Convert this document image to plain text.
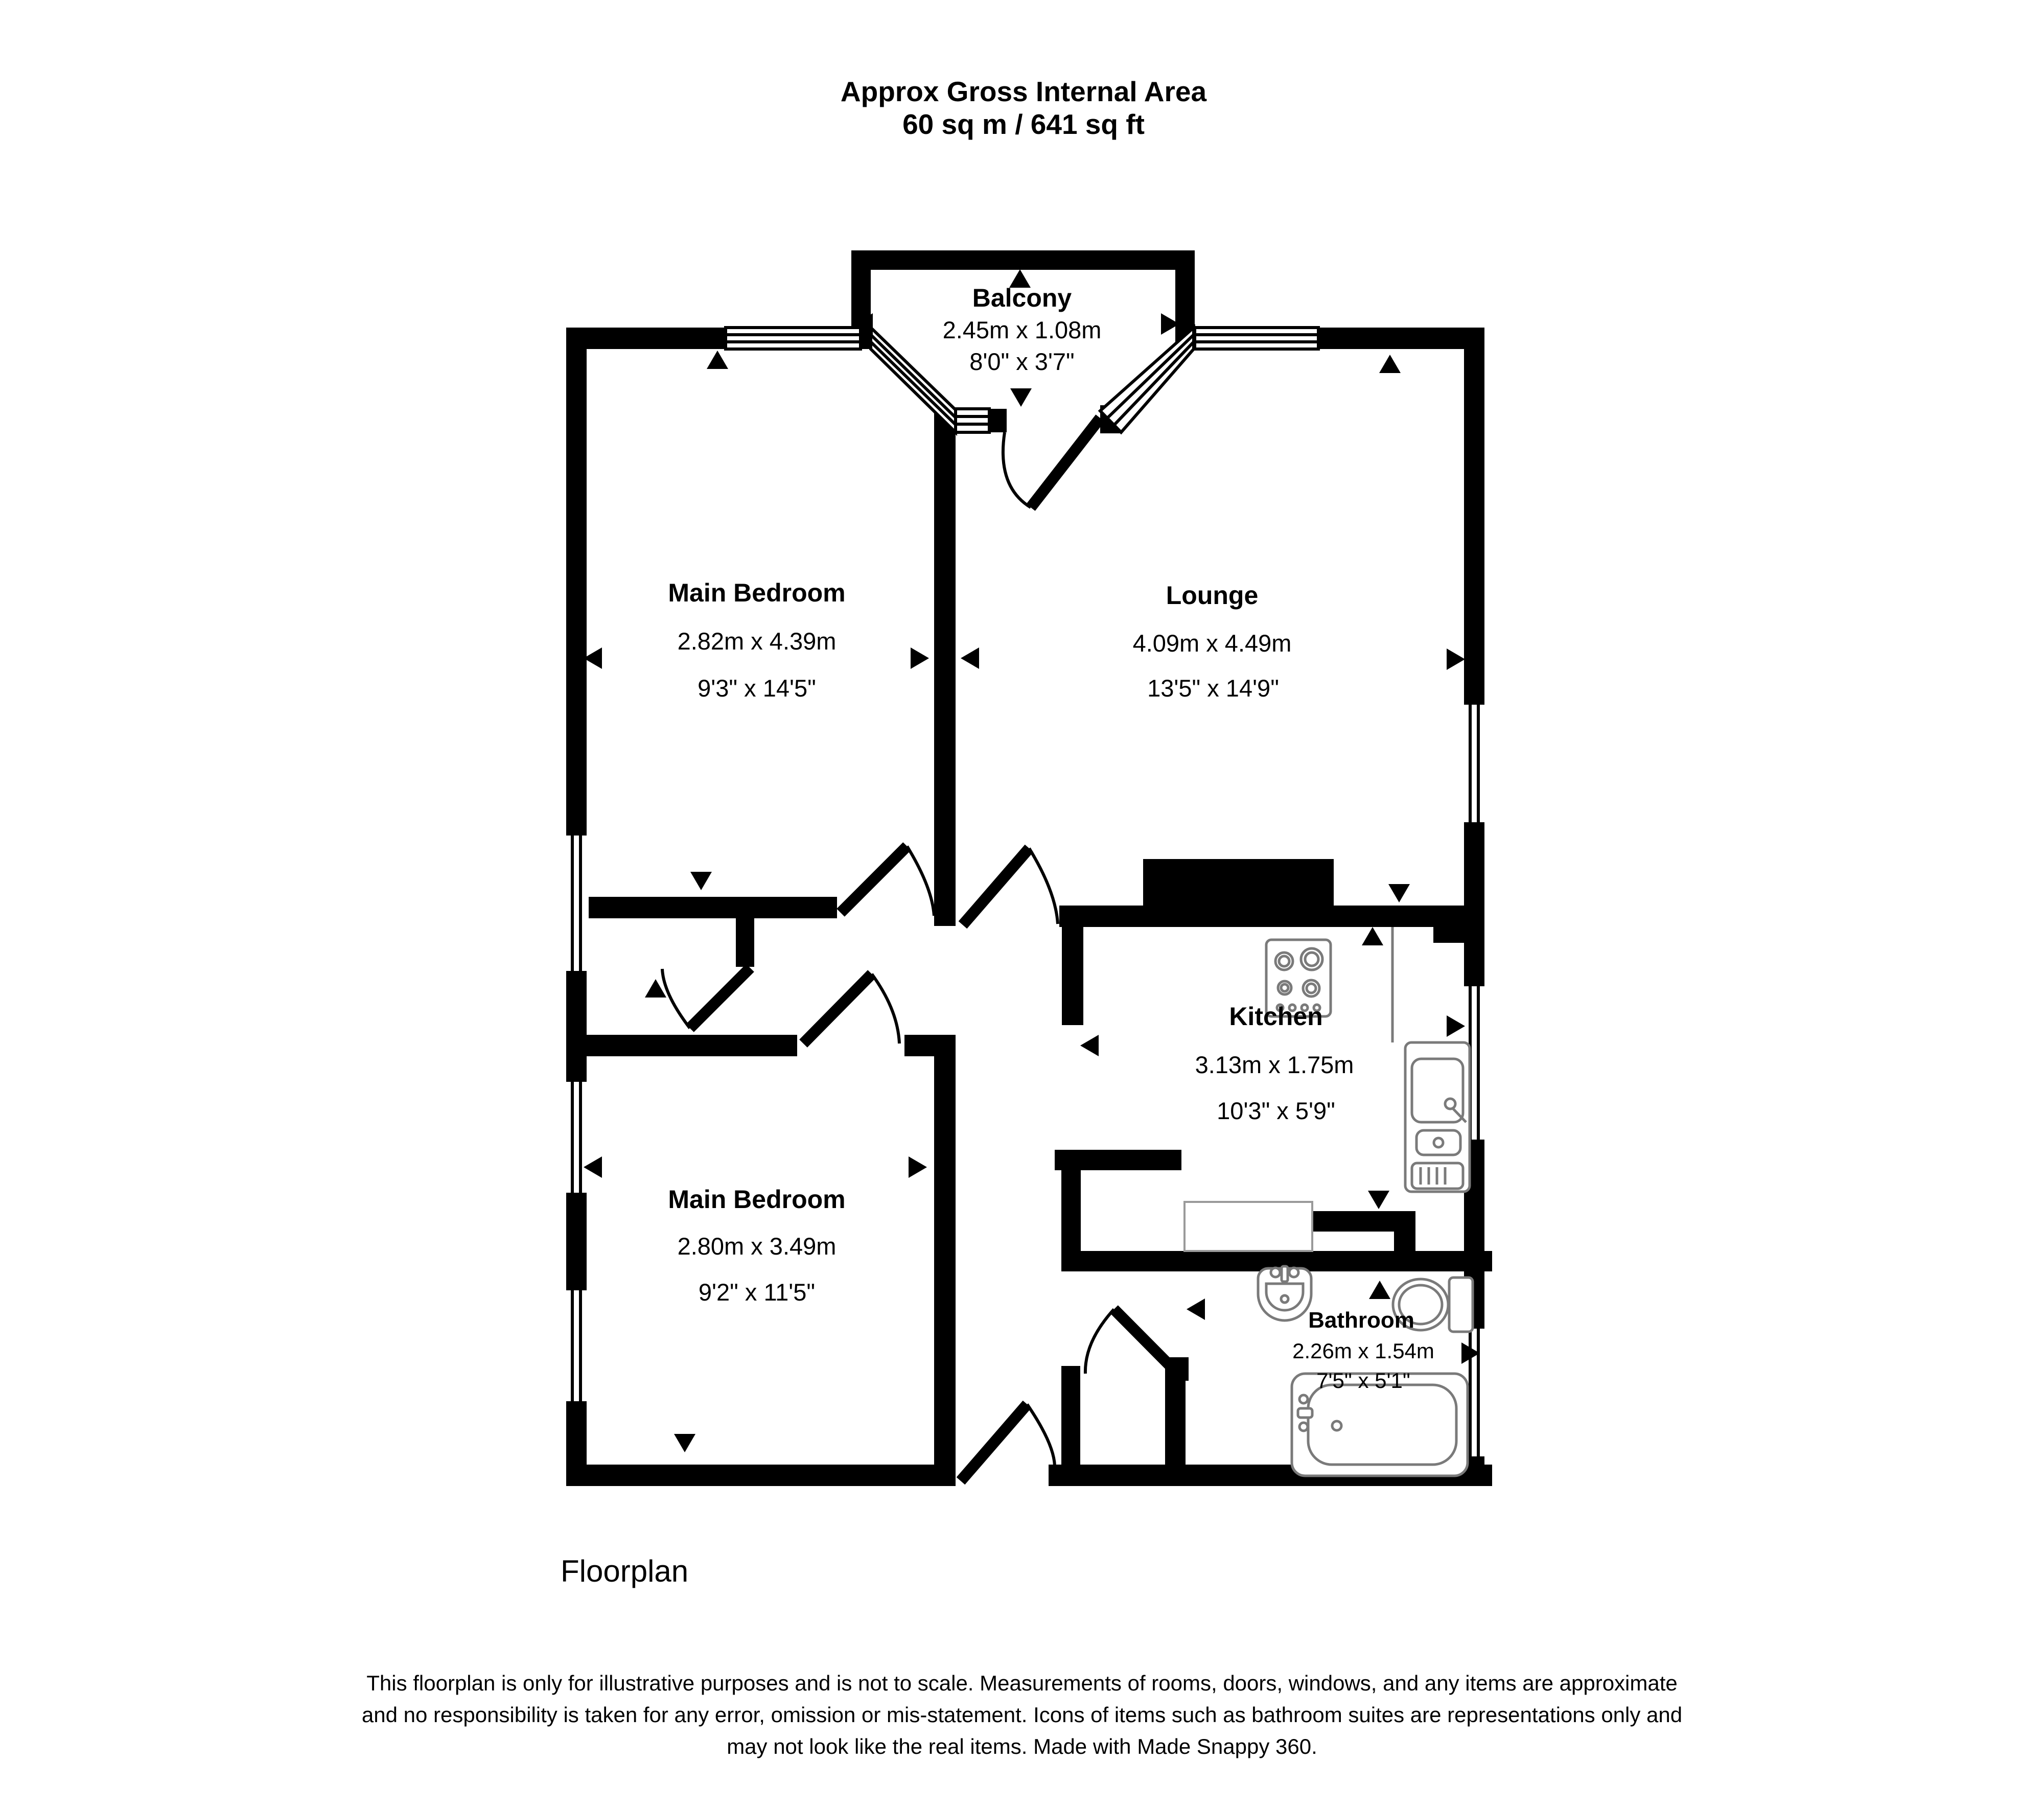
Approx Gross Internal Area
60 sq m / 641 sq ft
Balcony
2.45m x 1.08m
8'0" x 3'7"
Main Bedroom
2.82m x 4.39m
9'3" x 14'5"
Lounge
4.09m x 4.49m
13'5" x 14'9"
Kitchen
3.13m x 1.75m
10'3" x 5'9"
Main Bedroom
2.80m x 3.49m
9'2" x 11'5"
Bathroom
2.26m x 1.54m
7'5" x 5'1"
Floorplan
This floorplan is only for illustrative purposes and is not to scale. Measurements of rooms, doors, windows, and any items are approximate
and no responsibility is taken for any error, omission or mis-statement. Icons of items such as bathroom suites are representations only and
may not look like the real items. Made with Made Snappy 360.
